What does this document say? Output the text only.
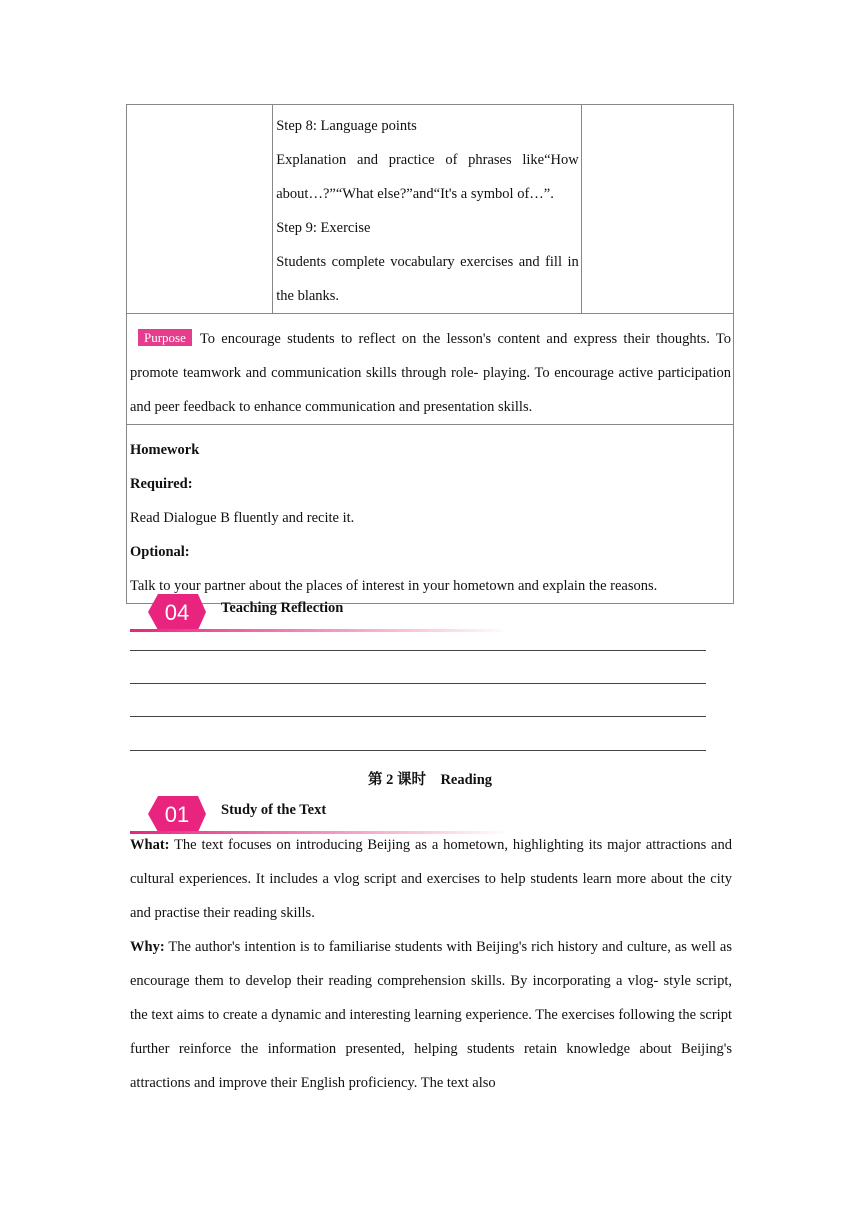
Step 8: Language points
Explanation and practice of phrases like“How about…?”“What else?”and“It's a symbol of…”.
Step 9: Exercise
Students complete vocabulary exercises and fill in the blanks.

Purpose To encourage students to reflect on the lesson's content and express their thoughts. To promote teamwork and communication skills through role‑ playing. To encourage active participation and peer feedback to enhance communication and presentation skills.

Homework
Required:
Read Dialogue B fluently and recite it.
Optional:
Talk to your partner about the places of interest in your hometown and explain the reasons.
04 Teaching Reflection
第 2 课时　Reading
01 Study of the Text
What: The text focuses on introducing Beijing as a hometown, highlighting its major attractions and cultural experiences. It includes a vlog script and exercises to help students learn more about the city and practise their reading skills.
Why: The author's intention is to familiarise students with Beijing's rich history and culture, as well as encourage them to develop their reading comprehension skills. By incorporating a vlog‑ style script, the text aims to create a dynamic and interesting learning experience. The exercises following the script further reinforce the information presented, helping students retain knowledge about Beijing's attractions and improve their English proficiency. The text also
